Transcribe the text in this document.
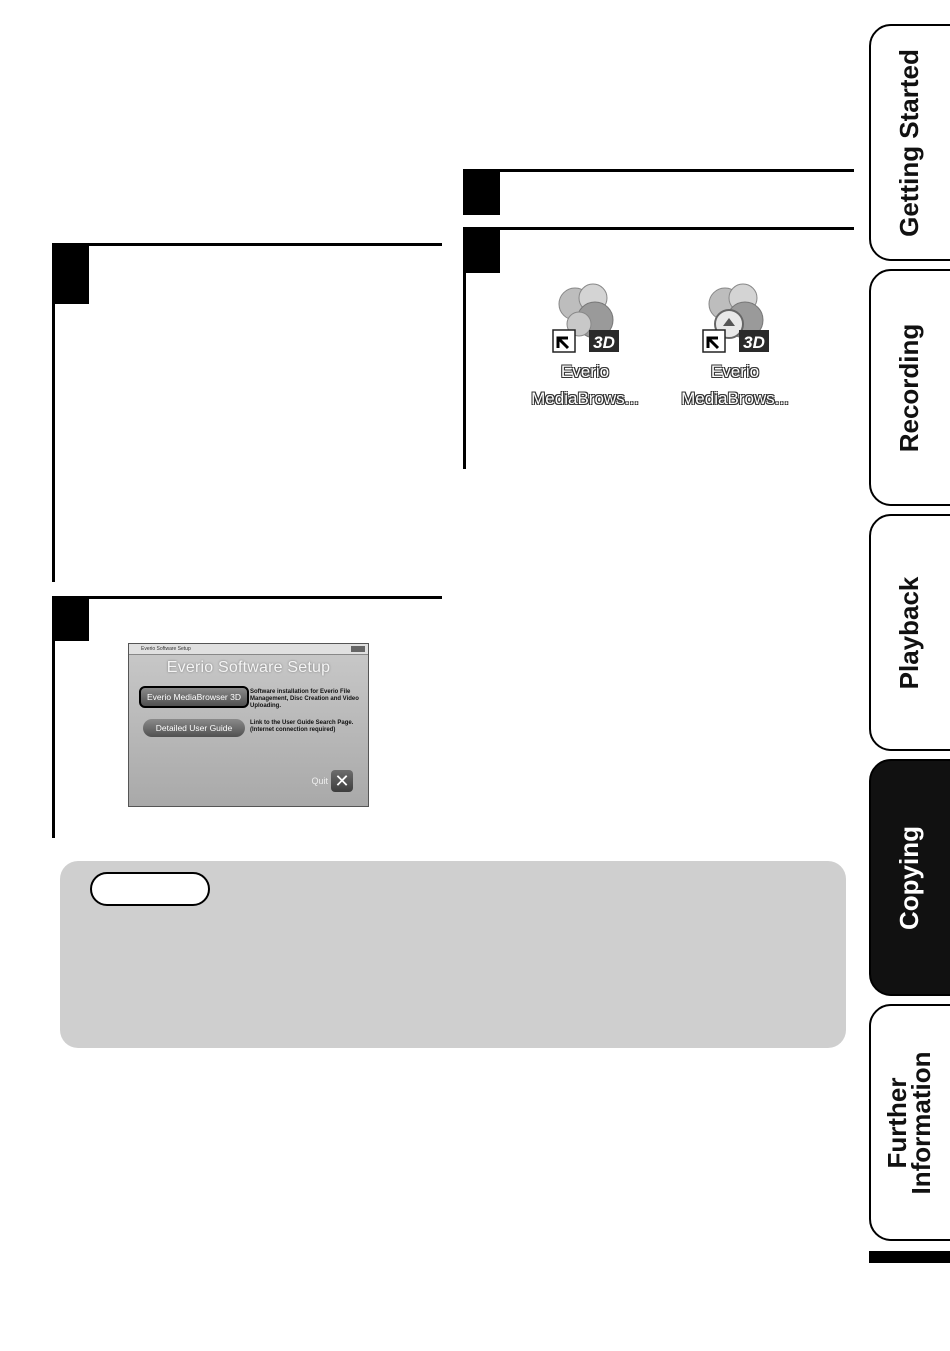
3D
Everio
MediaBrows...
3D
Everio
MediaBrows...
Everio Software Setup
Everio Software Setup
Everio MediaBrowser 3D	Software installation for Everio File Management, Disc Creation and Video Uploading.
Detailed User Guide	Link to the User Guide Search Page. (Internet connection required)
Quit ✕
Getting Started
Recording
Playback
Copying
Further
Information
